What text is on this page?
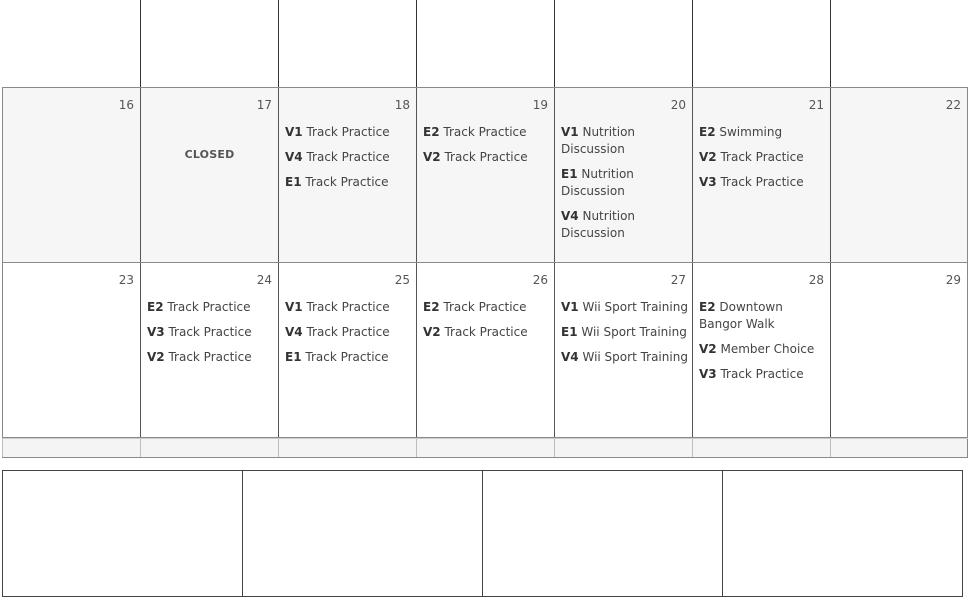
16	17
CLOSED
18
V1 Track Practice
V4 Track Practice
E1 Track Practice
19
E2 Track Practice
V2 Track Practice
20
V1 Nutrition Discussion
E1 Nutrition Discussion
V4 Nutrition Discussion
21
E2 Swimming
V2 Track Practice
V3 Track Practice
22
23	24
E2 Track Practice
V3 Track Practice
V2 Track Practice
25
V1 Track Practice
V4 Track Practice
E1 Track Practice
26
E2 Track Practice
V2 Track Practice
27
V1 Wii Sport Training
E1 Wii Sport Training
V4 Wii Sport Training
28
E2 Downtown Bangor Walk
V2 Member Choice
V3 Track Practice
29
